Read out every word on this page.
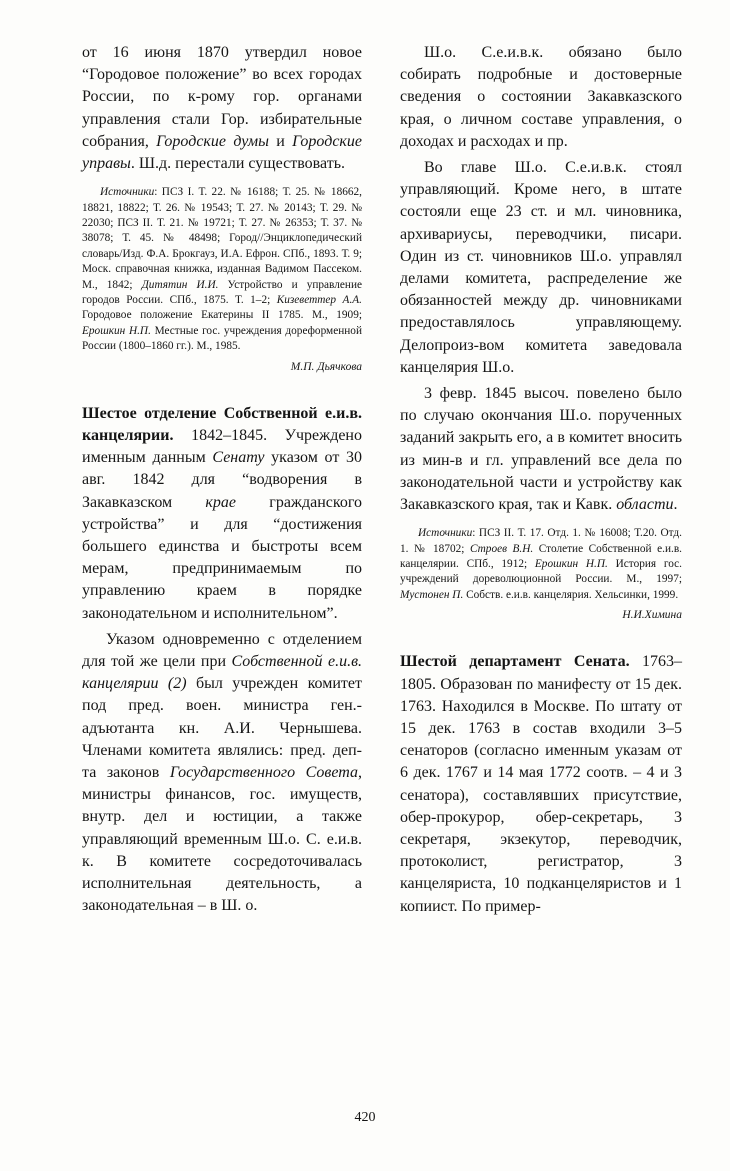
от 16 июня 1870 утвердил новое “Городовое положение” во всех городах России, по к-рому гор. органами управления стали Гор. избирательные собрания, Городские думы и Городские управы. Ш.д. перестали существовать.

Источники: ПСЗ I. Т. 22. № 16188; Т. 25. № 18662, 18821, 18822; Т. 26. № 19543; Т. 27. № 20143; Т. 29. № 22030; ПСЗ II. Т. 21. № 19721; Т. 27. № 26353; Т. 37. № 38078; Т. 45. № 48498; Город//Энциклопедический словарь/Изд. Ф.А. Брокгауз, И.А. Ефрон. СПб., 1893. Т. 9; Моск. справочная книжка, изданная Вадимом Пассеком. М., 1842; Дитятин И.И. Устройство и управление городов России. СПб., 1875. Т. 1–2; Кизеветтер А.А. Городовое положение Екатерины II 1785. М., 1909; Ерошкин Н.П. Местные гос. учреждения дореформенной России (1800–1860 гг.). М., 1985.

М.П. Дьячкова

Шестое отделение Собственной е.и.в. канцелярии. 1842–1845. Учреждено именным данным Сенату указом от 30 авг. 1842 для “водворения в Закавказском крае гражданского устройства” и для “достижения большего единства и быстроты всем мерам, предпринимаемым по управлению краем в порядке законодательном и исполнительном”.

Указом одновременно с отделением для той же цели при Собственной е.и.в. канцелярии (2) был учрежден комитет под пред. воен. министра ген.-адъютанта кн. А.И. Чернышева. Членами комитета являлись: пред. деп-та законов Государственного Совета, министры финансов, гос. имуществ, внутр. дел и юстиции, а также управляющий временным Ш.о. С. е.и.в. к. В комитете сосредоточивалась исполнительная деятельность, а законодательная – в Ш. о.

Ш.о. С.е.и.в.к. обязано было собирать подробные и достоверные сведения о состоянии Закавказского края, о личном составе управления, о доходах и расходах и пр.

Во главе Ш.о. С.е.и.в.к. стоял управляющий. Кроме него, в штате состояли еще 23 ст. и мл. чиновника, архивариусы, переводчики, писари. Один из ст. чиновников Ш.о. управлял делами комитета, распределение же обязанностей между др. чиновниками предоставлялось управляющему. Делопроиз-вом комитета заведовала канцелярия Ш.о.

3 февр. 1845 высоч. повелено было по случаю окончания Ш.о. порученных заданий закрыть его, а в комитет вносить из мин-в и гл. управлений все дела по законодательной части и устройству как Закавказского края, так и Кавк. области.

Источники: ПСЗ II. Т. 17. Отд. 1. № 16008; Т.20. Отд. 1. № 18702; Строев В.Н. Столетие Собственной е.и.в. канцелярии. СПб., 1912; Ерошкин Н.П. История гос. учреждений дореволюционной России. М., 1997; Мустонен П. Собств. е.и.в. канцелярия. Хельсинки, 1999.

Н.И.Химина

Шестой департамент Сената. 1763–1805. Образован по манифесту от 15 дек. 1763. Находился в Москве. По штату от 15 дек. 1763 в состав входили 3–5 сенаторов (согласно именным указам от 6 дек. 1767 и 14 мая 1772 соотв. – 4 и 3 сенатора), составлявших присутствие, обер-прокурор, обер-секретарь, 3 секретаря, экзекутор, переводчик, протоколист, регистратор, 3 канцеляриста, 10 подканцеляристов и 1 копиист. По пример-

420
